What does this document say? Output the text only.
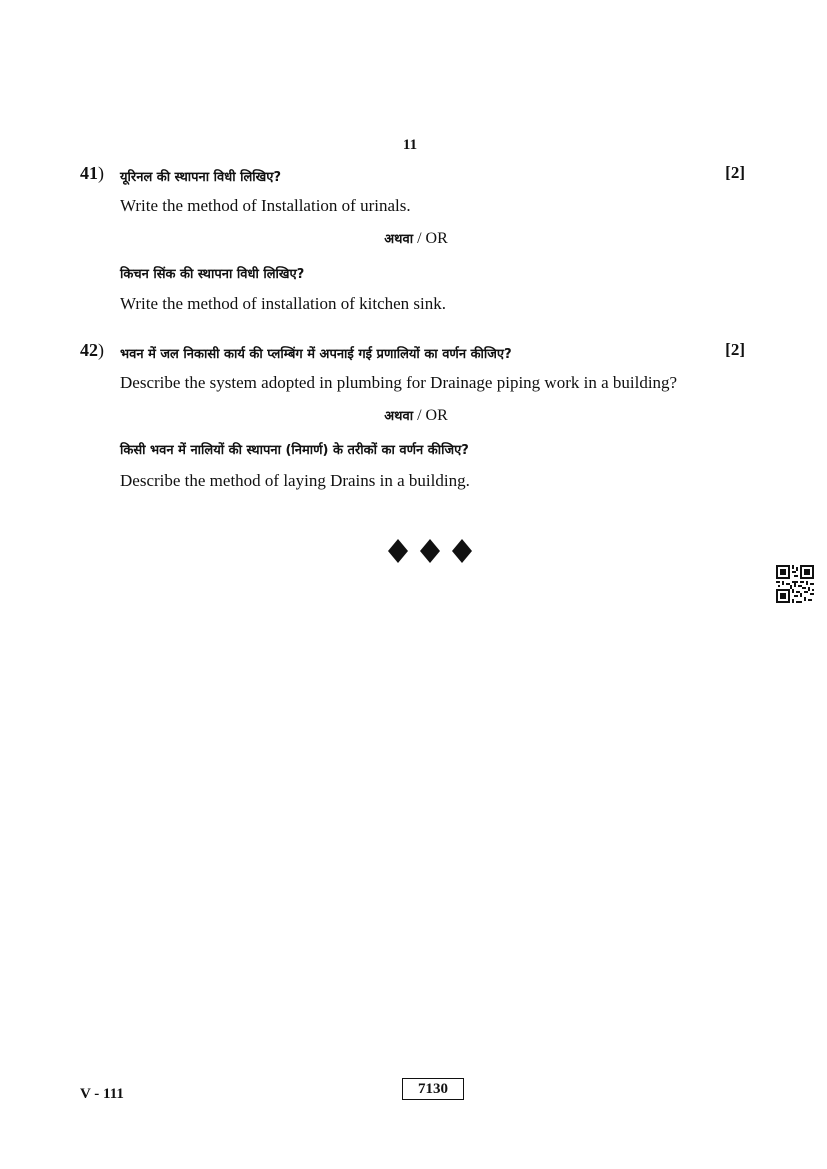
11
41) यूरिनल की स्थापना विधी लिखिए?	[2]
Write the method of Installation of urinals.
अथवा / OR
किचन सिंक की स्थापना विधी लिखिए?
Write the method of installation of kitchen sink.
42) भवन में जल निकासी कार्य की प्लम्बिंग में अपनाई गई प्रणालियों का वर्णन कीजिए?	[2]
Describe the system adopted in plumbing for Drainage piping work in a building?
अथवा / OR
किसी भवन में नालियों की स्थापना (निमार्ण) के तरीकों का वर्णन कीजिए?
Describe the method of laying Drains in a building.
V - 111	7130
